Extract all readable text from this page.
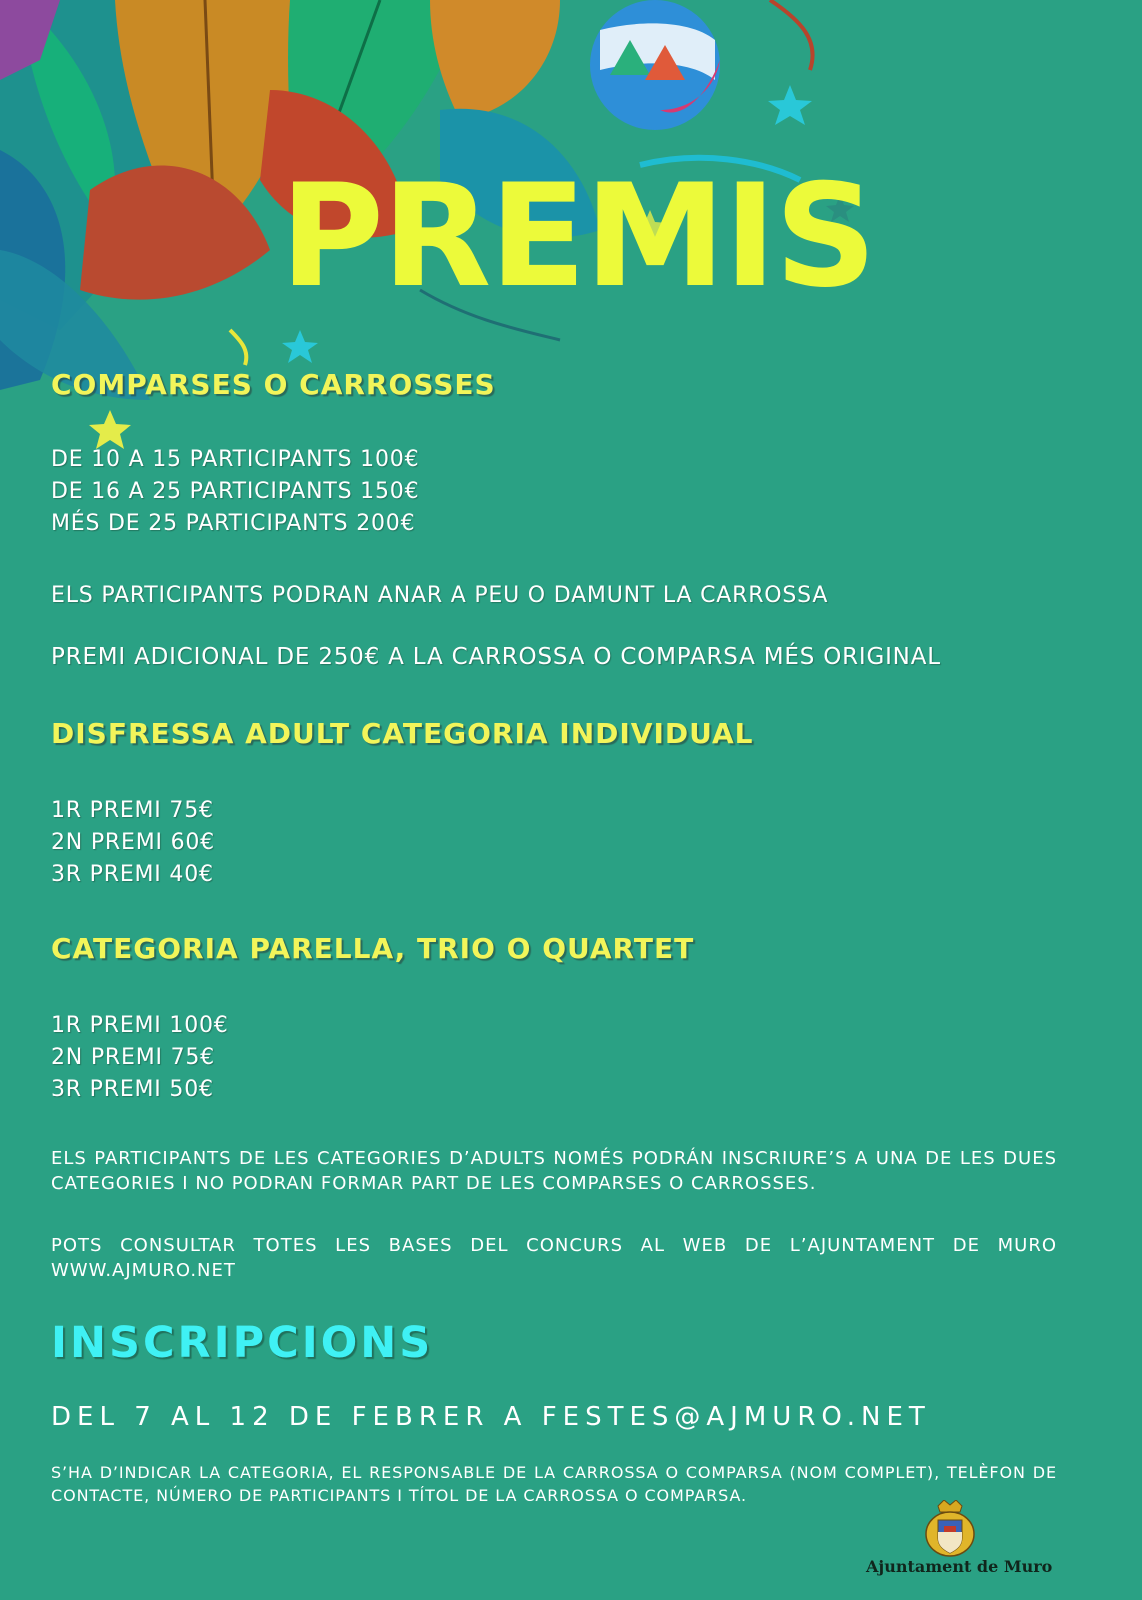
PREMIS
COMPARSES O CARROSSES

DE 10 A 15 PARTICIPANTS 100€

DE 16 A 25 PARTICIPANTS 150€

MÉS DE 25 PARTICIPANTS 200€

ELS PARTICIPANTS PODRAN ANAR A PEU O DAMUNT LA CARROSSA

PREMI ADICIONAL DE 250€ A LA CARROSSA O COMPARSA MÉS ORIGINAL

DISFRESSA ADULT CATEGORIA INDIVIDUAL

1R PREMI 75€

2N PREMI 60€

3R PREMI 40€

CATEGORIA PARELLA, TRIO O QUARTET

1R PREMI 100€

2N PREMI 75€

3R PREMI 50€

ELS PARTICIPANTS DE LES CATEGORIES D’ADULTS NOMÉS PODRÁN INSCRIURE’S A UNA DE LES DUES CATEGORIES I NO PODRAN FORMAR PART DE LES COMPARSES O CARROSSES.

POTS CONSULTAR TOTES LES BASES DEL CONCURS AL WEB DE L’AJUNTAMENT DE MURO WWW.AJMURO.NET

INSCRIPCIONS

DEL 7 AL 12 DE FEBRER A FESTES@AJMURO.NET

S’HA D’INDICAR LA CATEGORIA, EL RESPONSABLE DE LA CARROSSA O COMPARSA (NOM COMPLET), TELÈFON DE CONTACTE, NÚMERO DE PARTICIPANTS I TÍTOL DE LA CARROSSA O COMPARSA.

Ajuntament de Muro
